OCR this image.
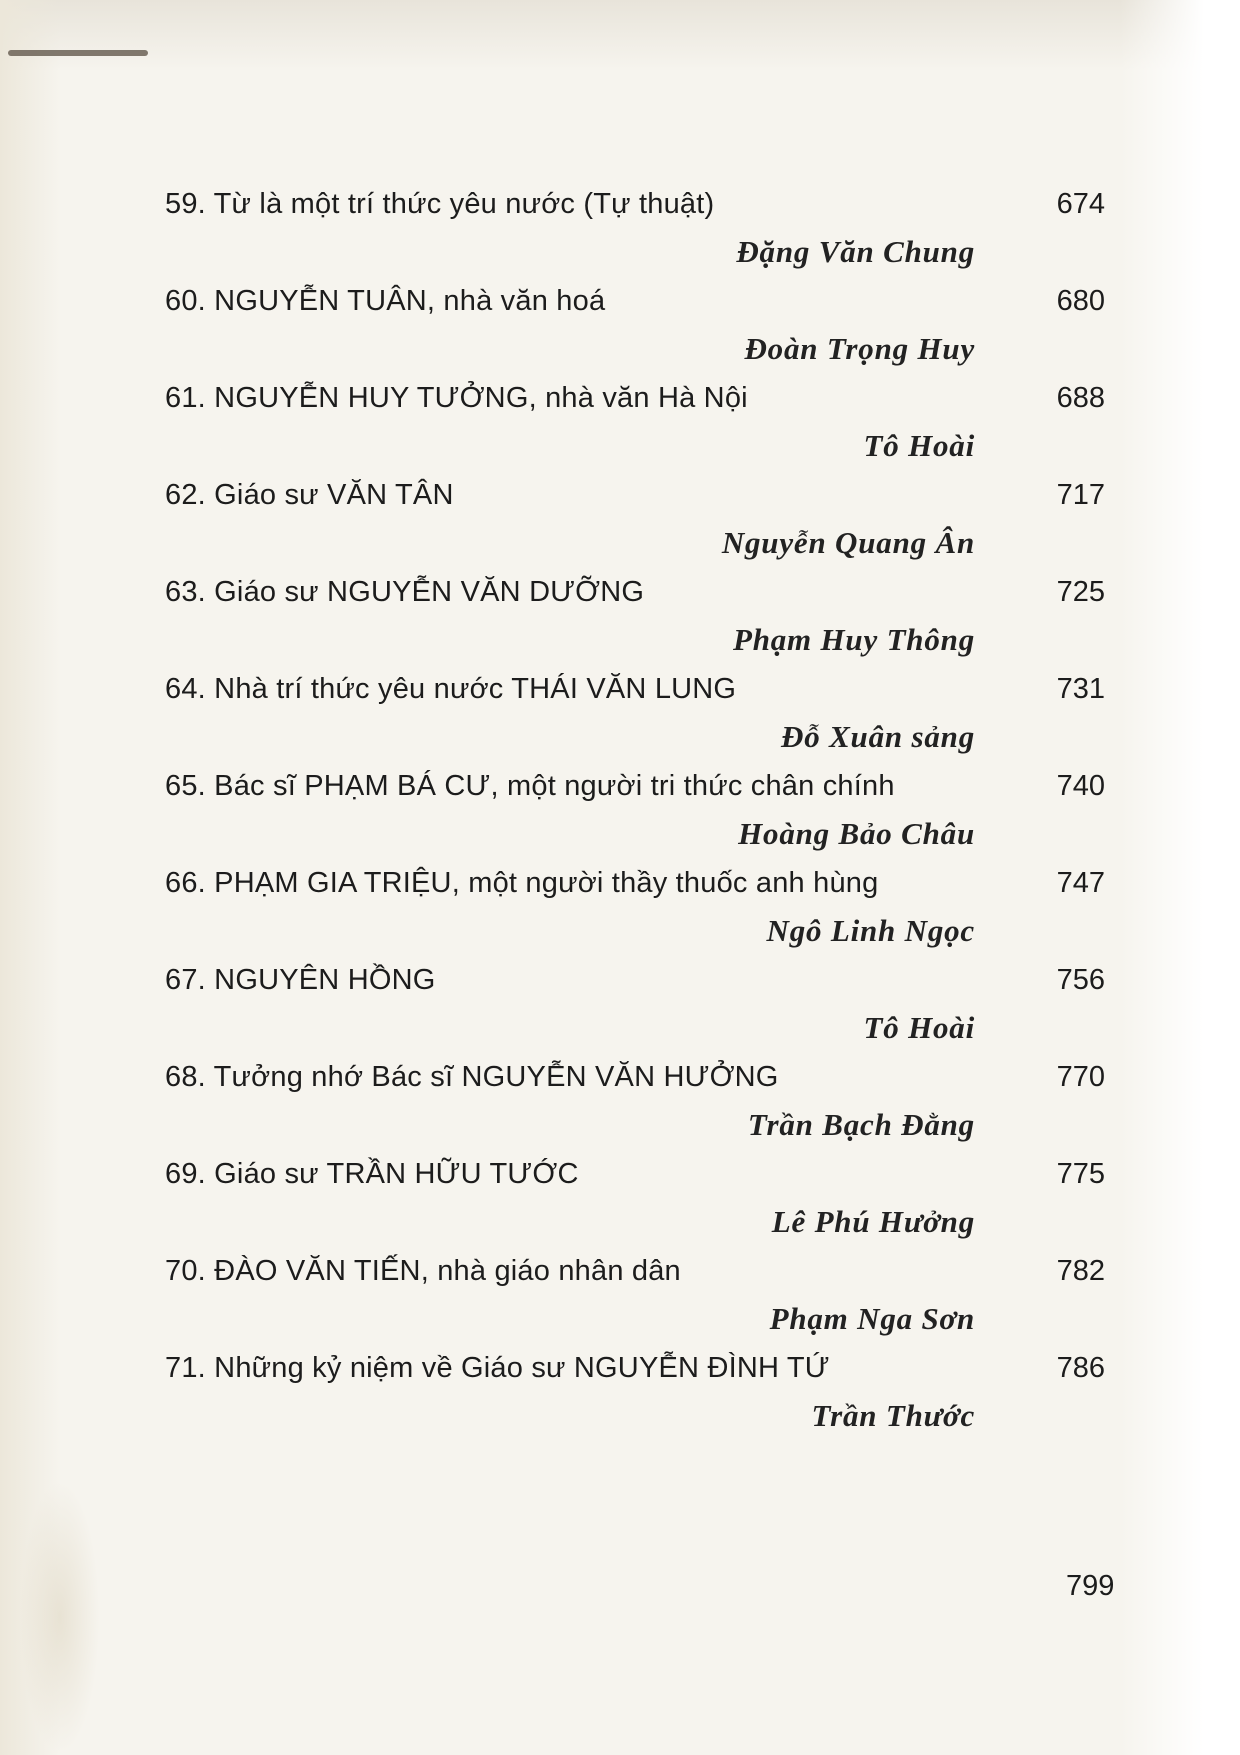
59. Từ là một trí thức yêu nước (Tự thuật)	674
Đặng Văn Chung
60. NGUYỄN TUÂN, nhà văn hoá	680
Đoàn Trọng Huy
61. NGUYỄN HUY TƯỞNG, nhà văn Hà Nội	688
Tô Hoài
62. Giáo sư VĂN TÂN	717
Nguyễn Quang Ân
63. Giáo sư NGUYỄN VĂN DƯỠNG	725
Phạm Huy Thông
64. Nhà trí thức yêu nước THÁI VĂN LUNG	731
Đỗ Xuân sảng
65. Bác sĩ PHẠM BÁ CƯ, một người tri thức chân chính	740
Hoàng Bảo Châu
66. PHẠM GIA TRIỆU, một người thầy thuốc anh hùng	747
Ngô Linh Ngọc
67. NGUYÊN HỒNG	756
Tô Hoài
68. Tưởng nhớ Bác sĩ NGUYỄN VĂN HƯỞNG	770
Trần Bạch Đằng
69. Giáo sư TRẦN HỮU TƯỚC	775
Lê Phú Hưởng
70. ĐÀO VĂN TIẾN, nhà giáo nhân dân	782
Phạm Nga Sơn
71. Những kỷ niệm về Giáo sư NGUYỄN ĐÌNH TỨ	786
Trần Thước
799
